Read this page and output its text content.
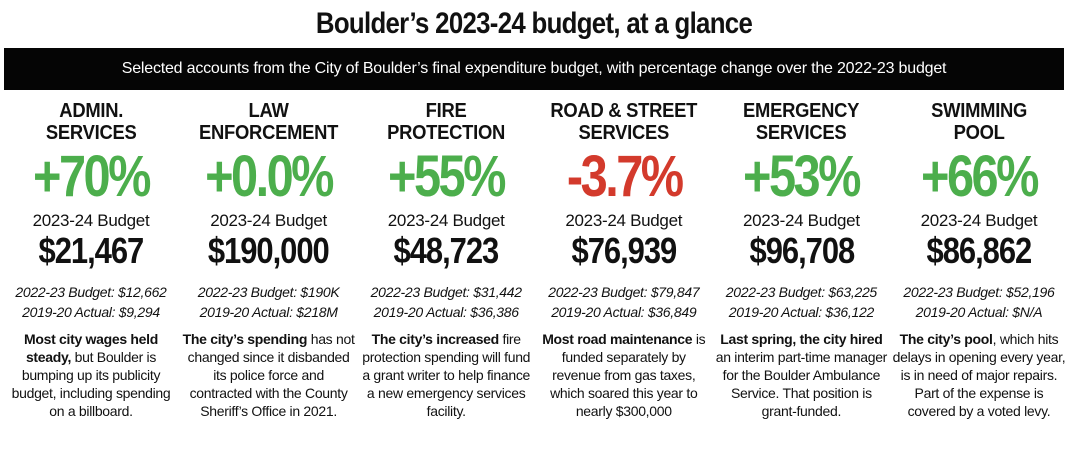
Boulder’s 2023-24 budget, at a glance
Selected accounts from the City of Boulder’s final expenditure budget, with percentage change over the 2022-23 budget
ADMIN.
SERVICES
+70%
2023-24 Budget
$21,467
2022-23 Budget: $12,662
2019-20 Actual: $9,294
Most city wages held steady, but Boulder is bumping up its publicity budget, including spending on a billboard.
LAW
ENFORCEMENT
+0.0%
2023-24 Budget
$190,000
2022-23 Budget: $190K
2019-20 Actual: $218M
The city’s spending has not changed since it disbanded its police force and contracted with the County Sheriff’s Office in 2021.
FIRE
PROTECTION
+55%
2023-24 Budget
$48,723
2022-23 Budget: $31,442
2019-20 Actual: $36,386
The city’s increased fire protection spending will fund a grant writer to help finance a new emergency services facility.
ROAD & STREET
SERVICES
-3.7%
2023-24 Budget
$76,939
2022-23 Budget: $79,847
2019-20 Actual: $36,849
Most road maintenance is funded separately by revenue from gas taxes, which soared this year to nearly $300,000
EMERGENCY
SERVICES
+53%
2023-24 Budget
$96,708
2022-23 Budget: $63,225
2019-20 Actual: $36,122
Last spring, the city hired an interim part-time manager for the Boulder Ambulance Service. That position is grant-funded.
SWIMMING
POOL
+66%
2023-24 Budget
$86,862
2022-23 Budget: $52,196
2019-20 Actual: $N/A
The city’s pool, which hits delays in opening every year, is in need of major repairs. Part of the expense is covered by a voted levy.
